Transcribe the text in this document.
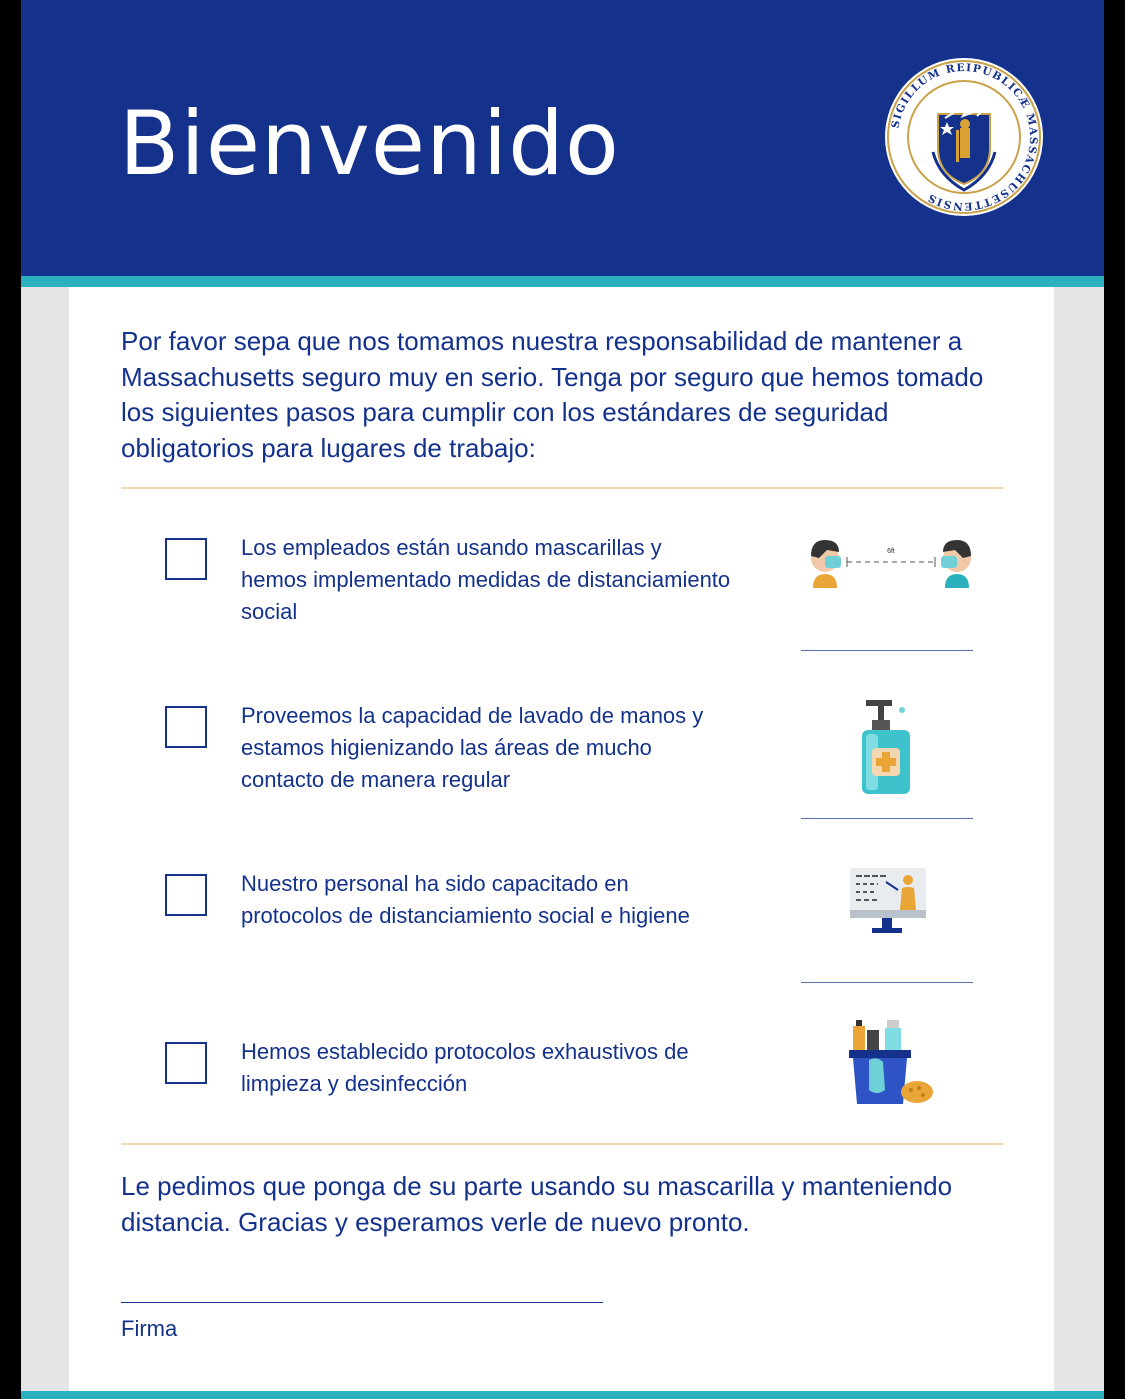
Bienvenido	SIGILLUM REIPUBLICÆ MASSACHUSETTENSIS

Por favor sepa que nos tomamos nuestra responsabilidad de mantener a Massachusetts seguro muy en serio. Tenga por seguro que hemos tomado los siguientes pasos para cumplir con los estándares de seguridad obligatorios para lugares de trabajo:

Los empleados están usando mascarillas y hemos implementado medidas de distanciamiento social

6ft

Proveemos la capacidad de lavado de manos y estamos higienizando las áreas de mucho contacto de manera regular

Nuestro personal ha sido capacitado en protocolos de distanciamiento social e higiene

Hemos establecido protocolos exhaustivos de limpieza y desinfección

Le pedimos que ponga de su parte usando su mascarilla y manteniendo distancia. Gracias y esperamos verle de nuevo pronto.

Firma
